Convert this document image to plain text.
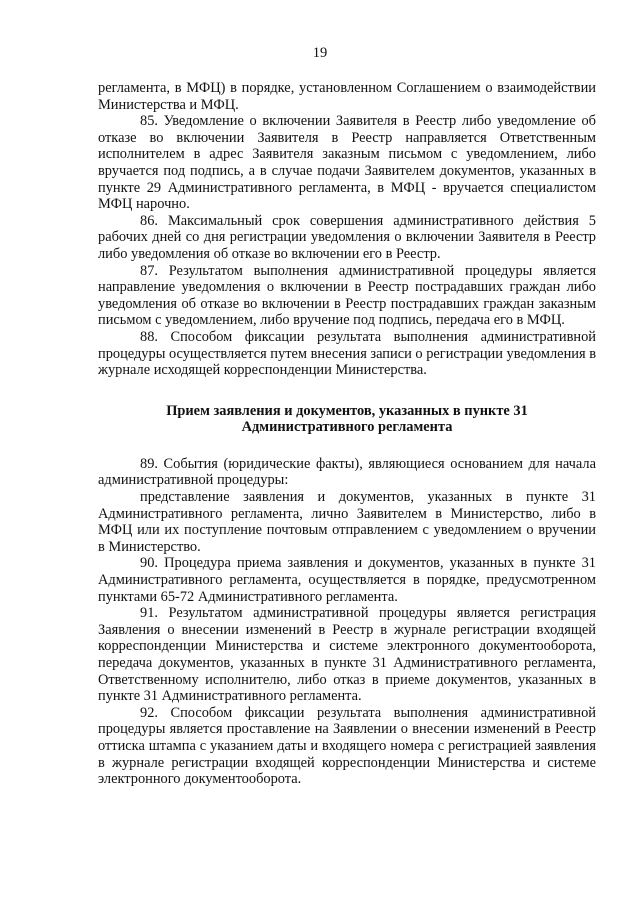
19

регламента, в МФЦ) в порядке, установленном Соглашением о взаимодействии Министерства и МФЦ.

85. Уведомление о включении Заявителя в Реестр либо уведомление об отказе во включении Заявителя в Реестр направляется Ответственным исполнителем в адрес Заявителя заказным письмом с уведомлением, либо вручается под подпись, а в случае подачи Заявителем документов, указанных в пункте 29 Административного регламента, в МФЦ - вручается специалистом МФЦ нарочно.

86. Максимальный срок совершения административного действия 5 рабочих дней со дня регистрации уведомления о включении Заявителя в Реестр либо уведомления об отказе во включении его в Реестр.

87. Результатом выполнения административной процедуры является направление уведомления о включении в Реестр пострадавших граждан либо уведомления об отказе во включении в Реестр пострадавших граждан заказным письмом с уведомлением, либо вручение под подпись, передача его в МФЦ.

88. Способом фиксации результата выполнения административной процедуры осуществляется путем внесения записи о регистрации уведомления в журнале исходящей корреспонденции Министерства.

Прием заявления и документов, указанных в пункте 31
Административного регламента

89. События (юридические факты), являющиеся основанием для начала административной процедуры:

представление заявления и документов, указанных в пункте 31 Административного регламента, лично Заявителем в Министерство, либо в МФЦ или их поступление почтовым отправлением с уведомлением о вручении в Министерство.

90. Процедура приема заявления и документов, указанных в пункте 31 Административного регламента, осуществляется в порядке, предусмотренном пунктами 65-72 Административного регламента.

91. Результатом административной процедуры является регистрация Заявления о внесении изменений в Реестр в журнале регистрации входящей корреспонденции Министерства и системе электронного документооборота, передача документов, указанных в пункте 31 Административного регламента, Ответственному исполнителю, либо отказ в приеме документов, указанных в пункте 31 Административного регламента.

92. Способом фиксации результата выполнения административной процедуры является проставление на Заявлении о внесении изменений в Реестр оттиска штампа с указанием даты и входящего номера с регистрацией заявления в журнале регистрации входящей корреспонденции Министерства и системе электронного документооборота.
